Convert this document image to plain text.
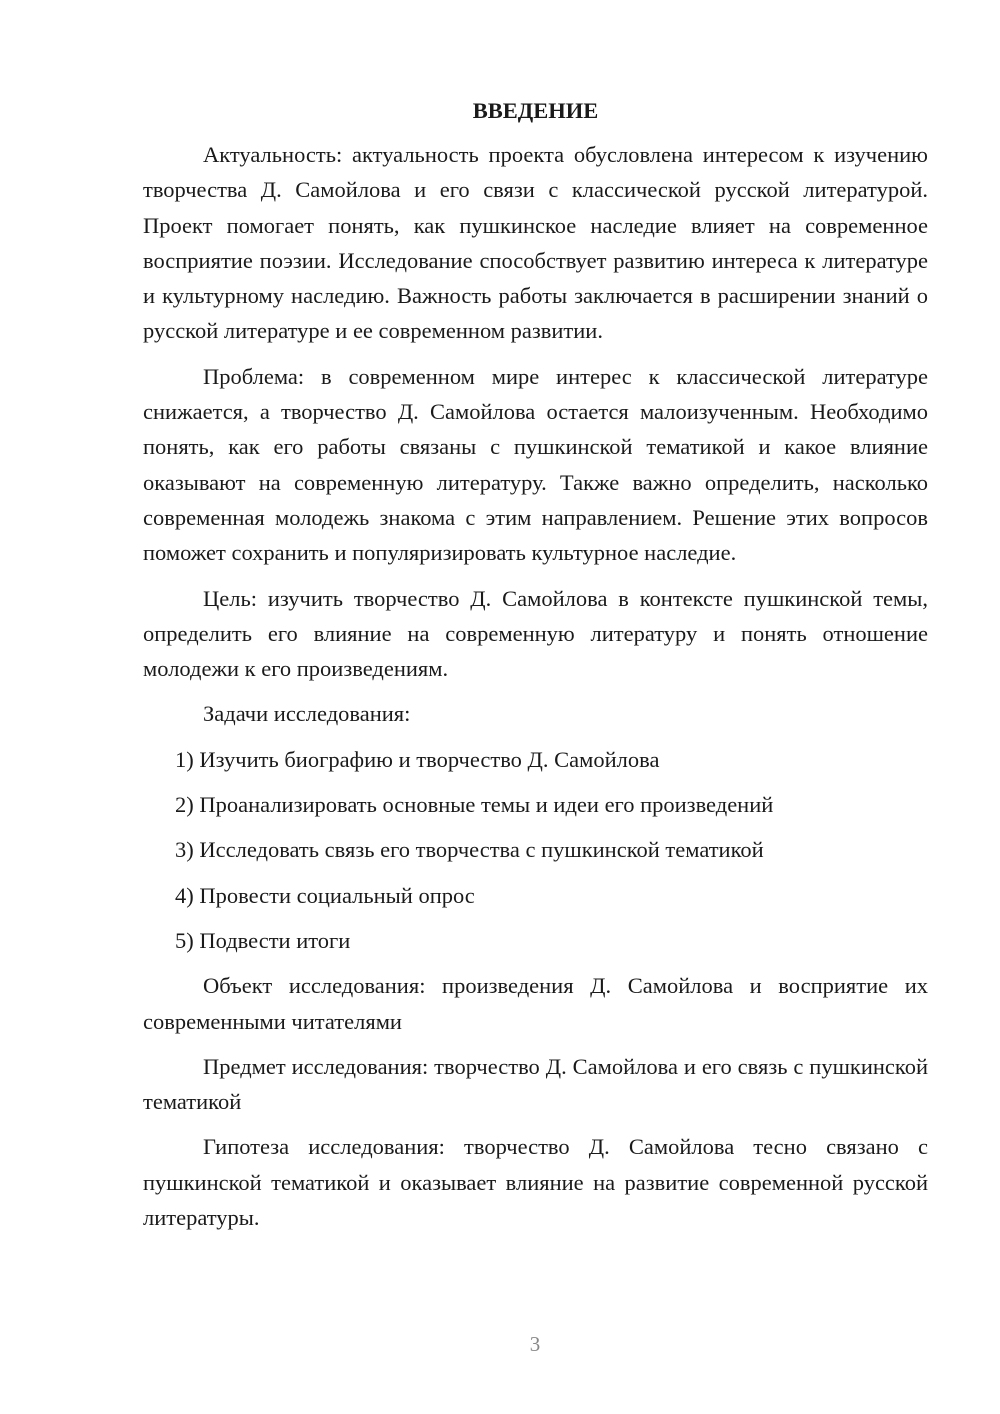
ВВЕДЕНИЕ

Актуальность: актуальность проекта обусловлена интересом к изучению творчества Д. Самойлова и его связи с классической русской литературой. Проект помогает понять, как пушкинское наследие влияет на современное восприятие поэзии. Исследование способствует развитию интереса к литературе и культурному наследию. Важность работы заключается в расширении знаний о русской литературе и ее современном развитии.

Проблема: в современном мире интерес к классической литературе снижается, а творчество Д. Самойлова остается малоизученным. Необходимо понять, как его работы связаны с пушкинской тематикой и какое влияние оказывают на современную литературу. Также важно определить, насколько современная молодежь знакома с этим направлением. Решение этих вопросов поможет сохранить и популяризировать культурное наследие.

Цель: изучить творчество Д. Самойлова в контексте пушкинской темы, определить его влияние на современную литературу и понять отношение молодежи к его произведениям.

Задачи исследования:

1) Изучить биографию и творчество Д. Самойлова

2) Проанализировать основные темы и идеи его произведений

3) Исследовать связь его творчества с пушкинской тематикой

4) Провести социальный опрос

5) Подвести итоги

Объект исследования: произведения Д. Самойлова и восприятие их современными читателями

Предмет исследования: творчество Д. Самойлова и его связь с пушкинской тематикой

Гипотеза исследования: творчество Д. Самойлова тесно связано с пушкинской тематикой и оказывает влияние на развитие современной русской литературы.

3
